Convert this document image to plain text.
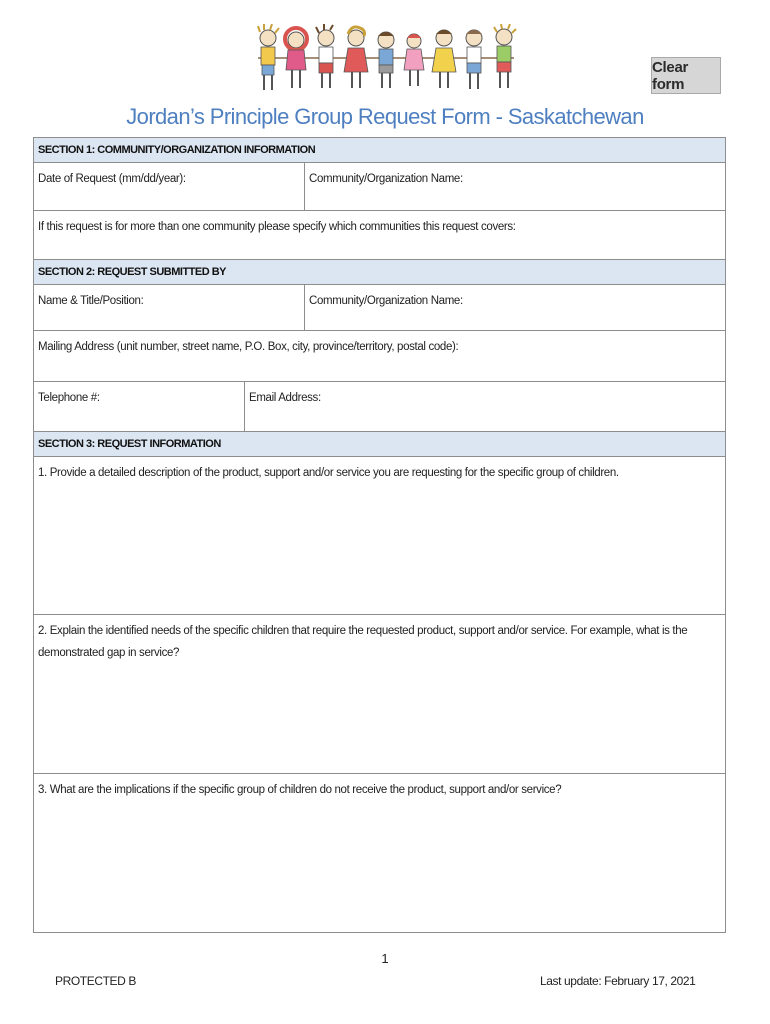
Clear form
Jordan’s Principle Group Request Form - Saskatchewan
SECTION 1: COMMUNITY/ORGANIZATION INFORMATION
Date of Request (mm/dd/year):	Community/Organization Name:
If this request is for more than one community please specify which communities this request covers:
SECTION 2: REQUEST SUBMITTED BY
Name & Title/Position:	Community/Organization Name:
Mailing Address (unit number, street name, P.O. Box, city, province/territory, postal code):
Telephone #:	Email Address:
SECTION 3: REQUEST INFORMATION
1. Provide a detailed description of the product, support and/or service you are requesting for the specific group of children.
2. Explain the identified needs of the specific children that require the requested product, support and/or service. For example, what is the demonstrated gap in service?
3. What are the implications if the specific group of children do not receive the product, support and/or service?
1
PROTECTED B	Last update: February 17, 2021
